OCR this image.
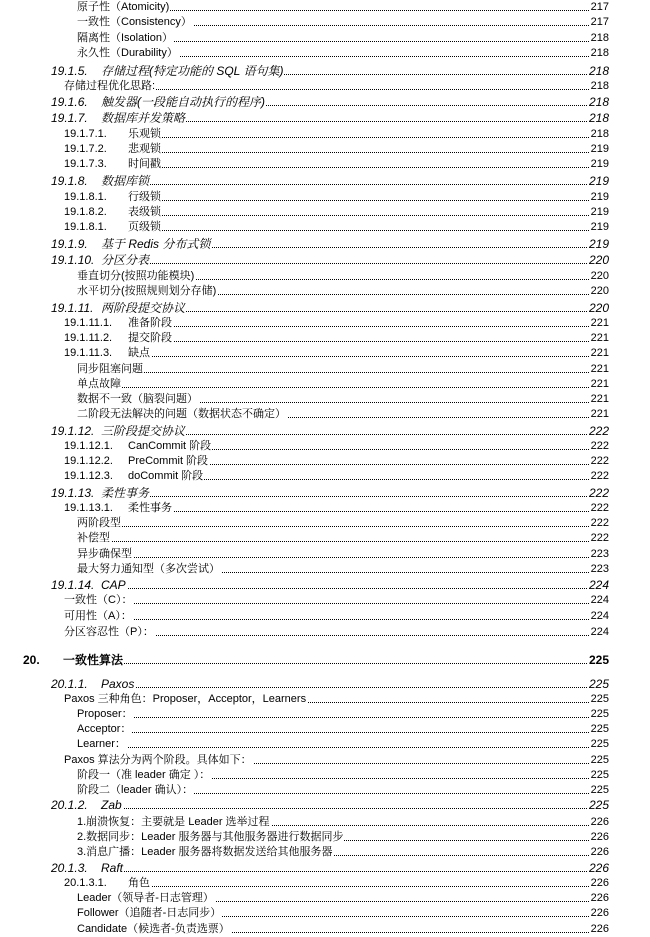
原子性（Atomicity)	217
一致性（Consistency）	217
隔离性（Isolation）	218
永久性（Durability）	218
19.1.5. 存储过程(特定功能的 SQL 语句集)	218
存储过程优化思路:	218
19.1.6. 触发器(一段能自动执行的程序)	218
19.1.7. 数据库并发策略	218
19.1.7.1. 乐观锁	218
19.1.7.2. 悲观锁	219
19.1.7.3. 时间戳	219
19.1.8. 数据库锁	219
19.1.8.1. 行级锁	219
19.1.8.2. 表级锁	219
19.1.8.1. 页级锁	219
19.1.9. 基于 Redis 分布式锁	219
19.1.10. 分区分表	220
垂直切分(按照功能模块)	220
水平切分(按照规则划分存储)	220
19.1.11. 两阶段提交协议	220
19.1.11.1. 准备阶段	221
19.1.11.2. 提交阶段	221
19.1.11.3. 缺点	221
同步阻塞问题	221
单点故障	221
数据不一致（脑裂问题）	221
二阶段无法解决的问题（数据状态不确定）	221
19.1.12. 三阶段提交协议	222
19.1.12.1. CanCommit 阶段	222
19.1.12.2. PreCommit 阶段	222
19.1.12.3. doCommit 阶段	222
19.1.13. 柔性事务	222
19.1.13.1. 柔性事务	222
两阶段型	222
补偿型	222
异步确保型	223
最大努力通知型（多次尝试）	223
19.1.14. CAP	224
一致性（C）：	224
可用性（A）：	224
分区容忍性（P）：	224
20. 一致性算法	225
20.1.1. Paxos	225
Paxos 三种角色：Proposer，Acceptor，Learners	225
Proposer：	225
Acceptor：	225
Learner：	225
Paxos 算法分为两个阶段。具体如下：	225
阶段一（准 leader 确定 ）：	225
阶段二（leader 确认）：	225
20.1.2. Zab	225
1.崩溃恢复：主要就是 Leader 选举过程	226
2.数据同步：Leader 服务器与其他服务器进行数据同步	226
3.消息广播：Leader 服务器将数据发送给其他服务器	226
20.1.3. Raft	226
20.1.3.1. 角色	226
Leader（领导者-日志管理）	226
Follower（追随者-日志同步）	226
Candidate（候选者-负责选票）	226
